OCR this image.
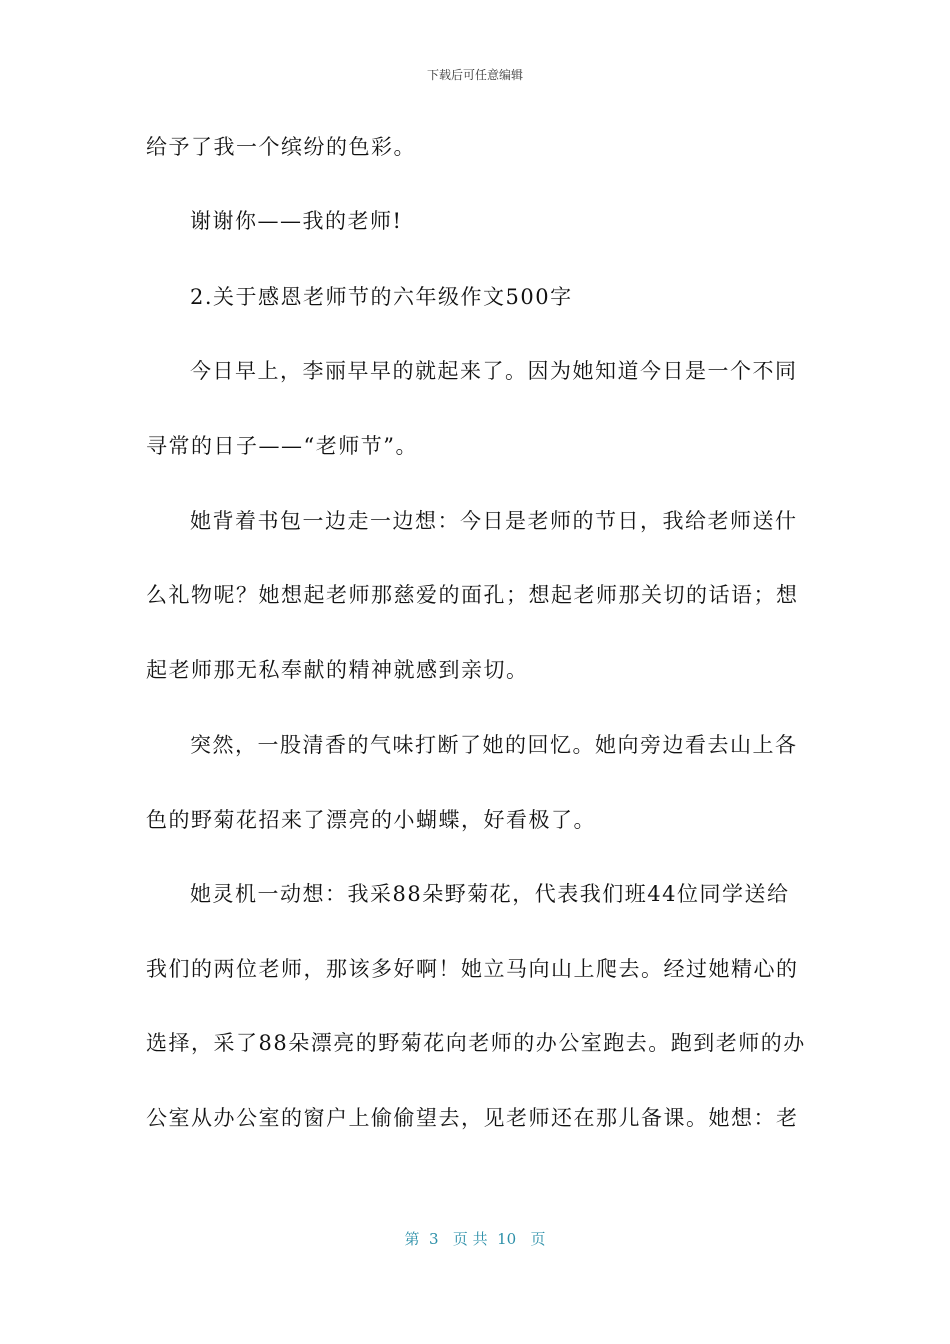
下载后可任意编辑
给予了我一个缤纷的色彩。
谢谢你——我的老师!
2.关于感恩老师节的六年级作文500字
今日早上，李丽早早的就起来了。因为她知道今日是一个不同
寻常的日子——“老师节”。
她背着书包一边走一边想：今日是老师的节日，我给老师送什
么礼物呢？她想起老师那慈爱的面孔；想起老师那关切的话语；想
起老师那无私奉献的精神就感到亲切。
突然，一股清香的气味打断了她的回忆。她向旁边看去山上各
色的野菊花招来了漂亮的小蝴蝶，好看极了。
她灵机一动想：我采88朵野菊花，代表我们班44位同学送给
我们的两位老师，那该多好啊！她立马向山上爬去。经过她精心的
选择，采了88朵漂亮的野菊花向老师的办公室跑去。跑到老师的办
公室从办公室的窗户上偷偷望去，见老师还在那儿备课。她想：老
第  3   页 共  10   页
